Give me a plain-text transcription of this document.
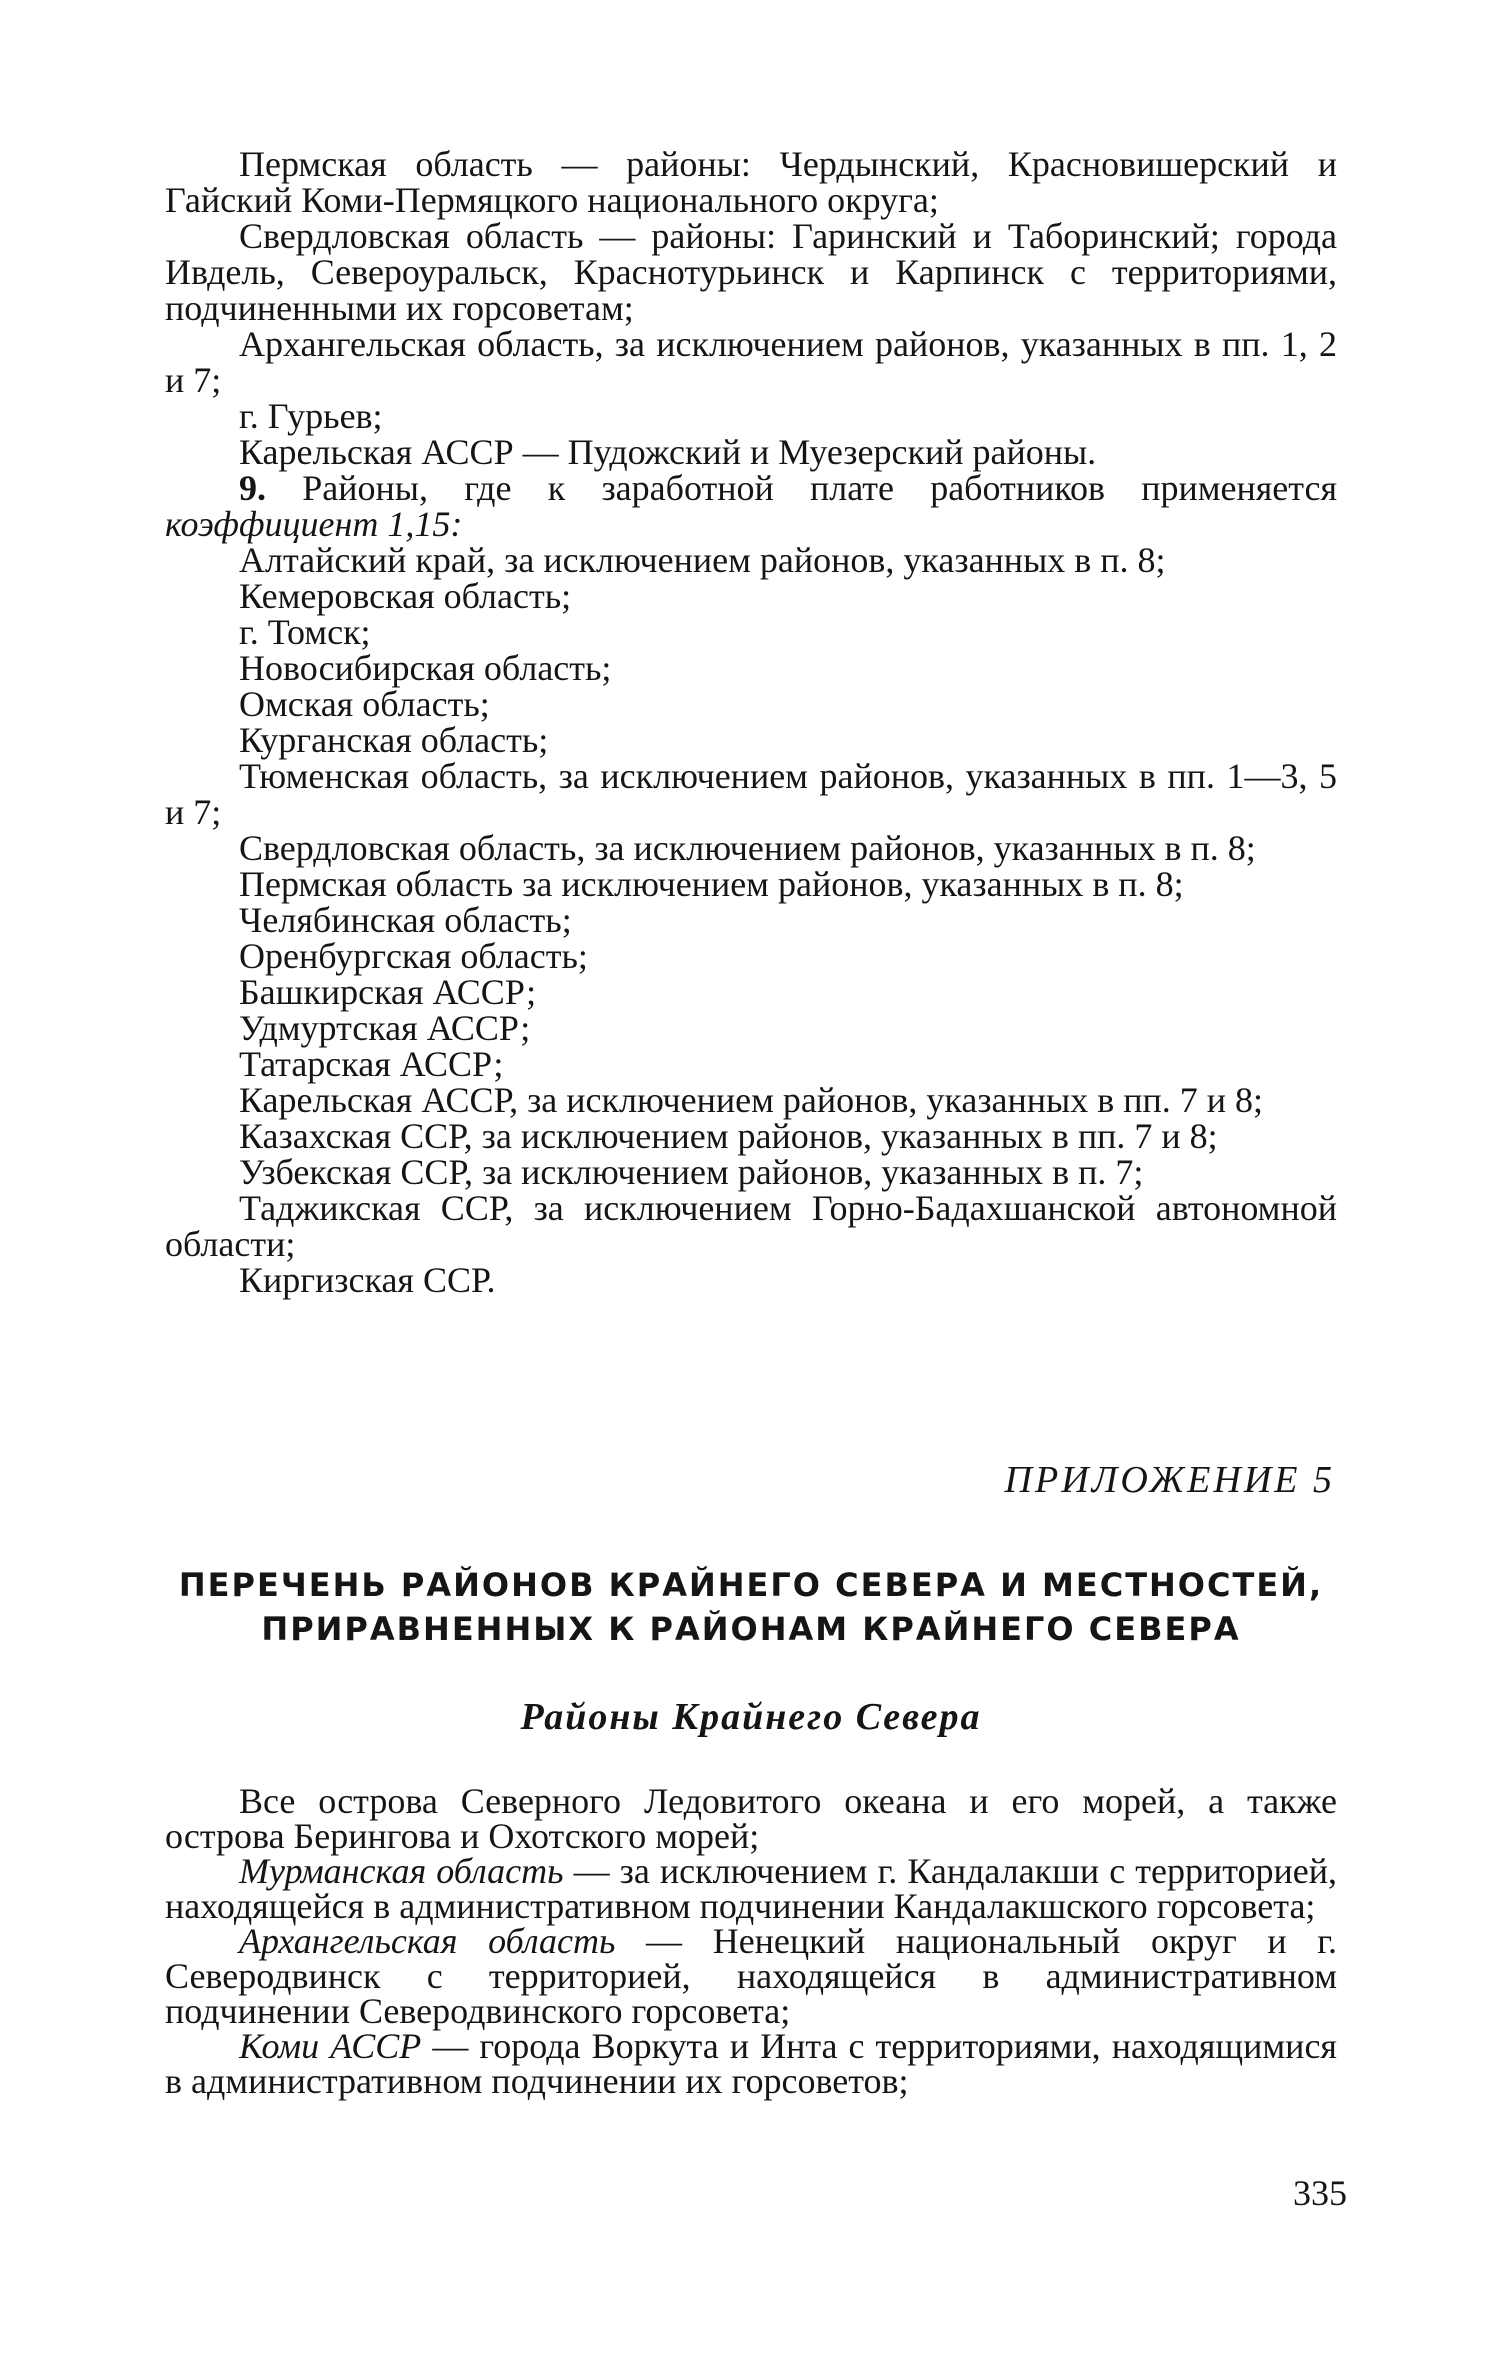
Пермская область — районы: Чердынский, Красновишерский и Гайский Коми-Пермяцкого национального округа;

Свердловская область — районы: Гаринский и Таборинский; города Ивдель, Североуральск, Краснотурьинск и Карпинск с территориями, подчиненными их горсоветам;

Архангельская область, за исключением районов, указанных в пп. 1, 2 и 7;

г. Гурьев;

Карельская АССР — Пудожский и Муезерский районы.

9. Районы, где к заработной плате работников применяется коэффициент 1,15:

Алтайский край, за исключением районов, указанных в п. 8;

Кемеровская область;

г. Томск;

Новосибирская область;

Омская область;

Курганская область;

Тюменская область, за исключением районов, указанных в пп. 1—3, 5 и 7;

Свердловская область, за исключением районов, указанных в п. 8;

Пермская область за исключением районов, указанных в п. 8;

Челябинская область;

Оренбургская область;

Башкирская АССР;

Удмуртская АССР;

Татарская АССР;

Карельская АССР, за исключением районов, указанных в пп. 7 и 8;

Казахская ССР, за исключением районов, указанных в пп. 7 и 8;

Узбекская ССР, за исключением районов, указанных в п. 7;

Таджикская ССР, за исключением Горно-Бадахшанской автономной области;

Киргизская ССР.

ПРИЛОЖЕНИЕ 5
ПЕРЕЧЕНЬ РАЙОНОВ КРАЙНЕГО СЕВЕРА И МЕСТНОСТЕЙ,
ПРИРАВНЕННЫХ К РАЙОНАМ КРАЙНЕГО СЕВЕРА
Районы Крайнего Севера

Все острова Северного Ледовитого океана и его морей, а также острова Берингова и Охотского морей;

Мурманская область — за исключением г. Кандалакши с территорией, находящейся в административном подчинении Кандалакшского горсовета;

Архангельская область — Ненецкий национальный округ и г. Северодвинск с территорией, находящейся в административном подчинении Северодвинского горсовета;

Коми АССР — города Воркута и Инта с территориями, находящимися в административном подчинении их горсоветов;

335
